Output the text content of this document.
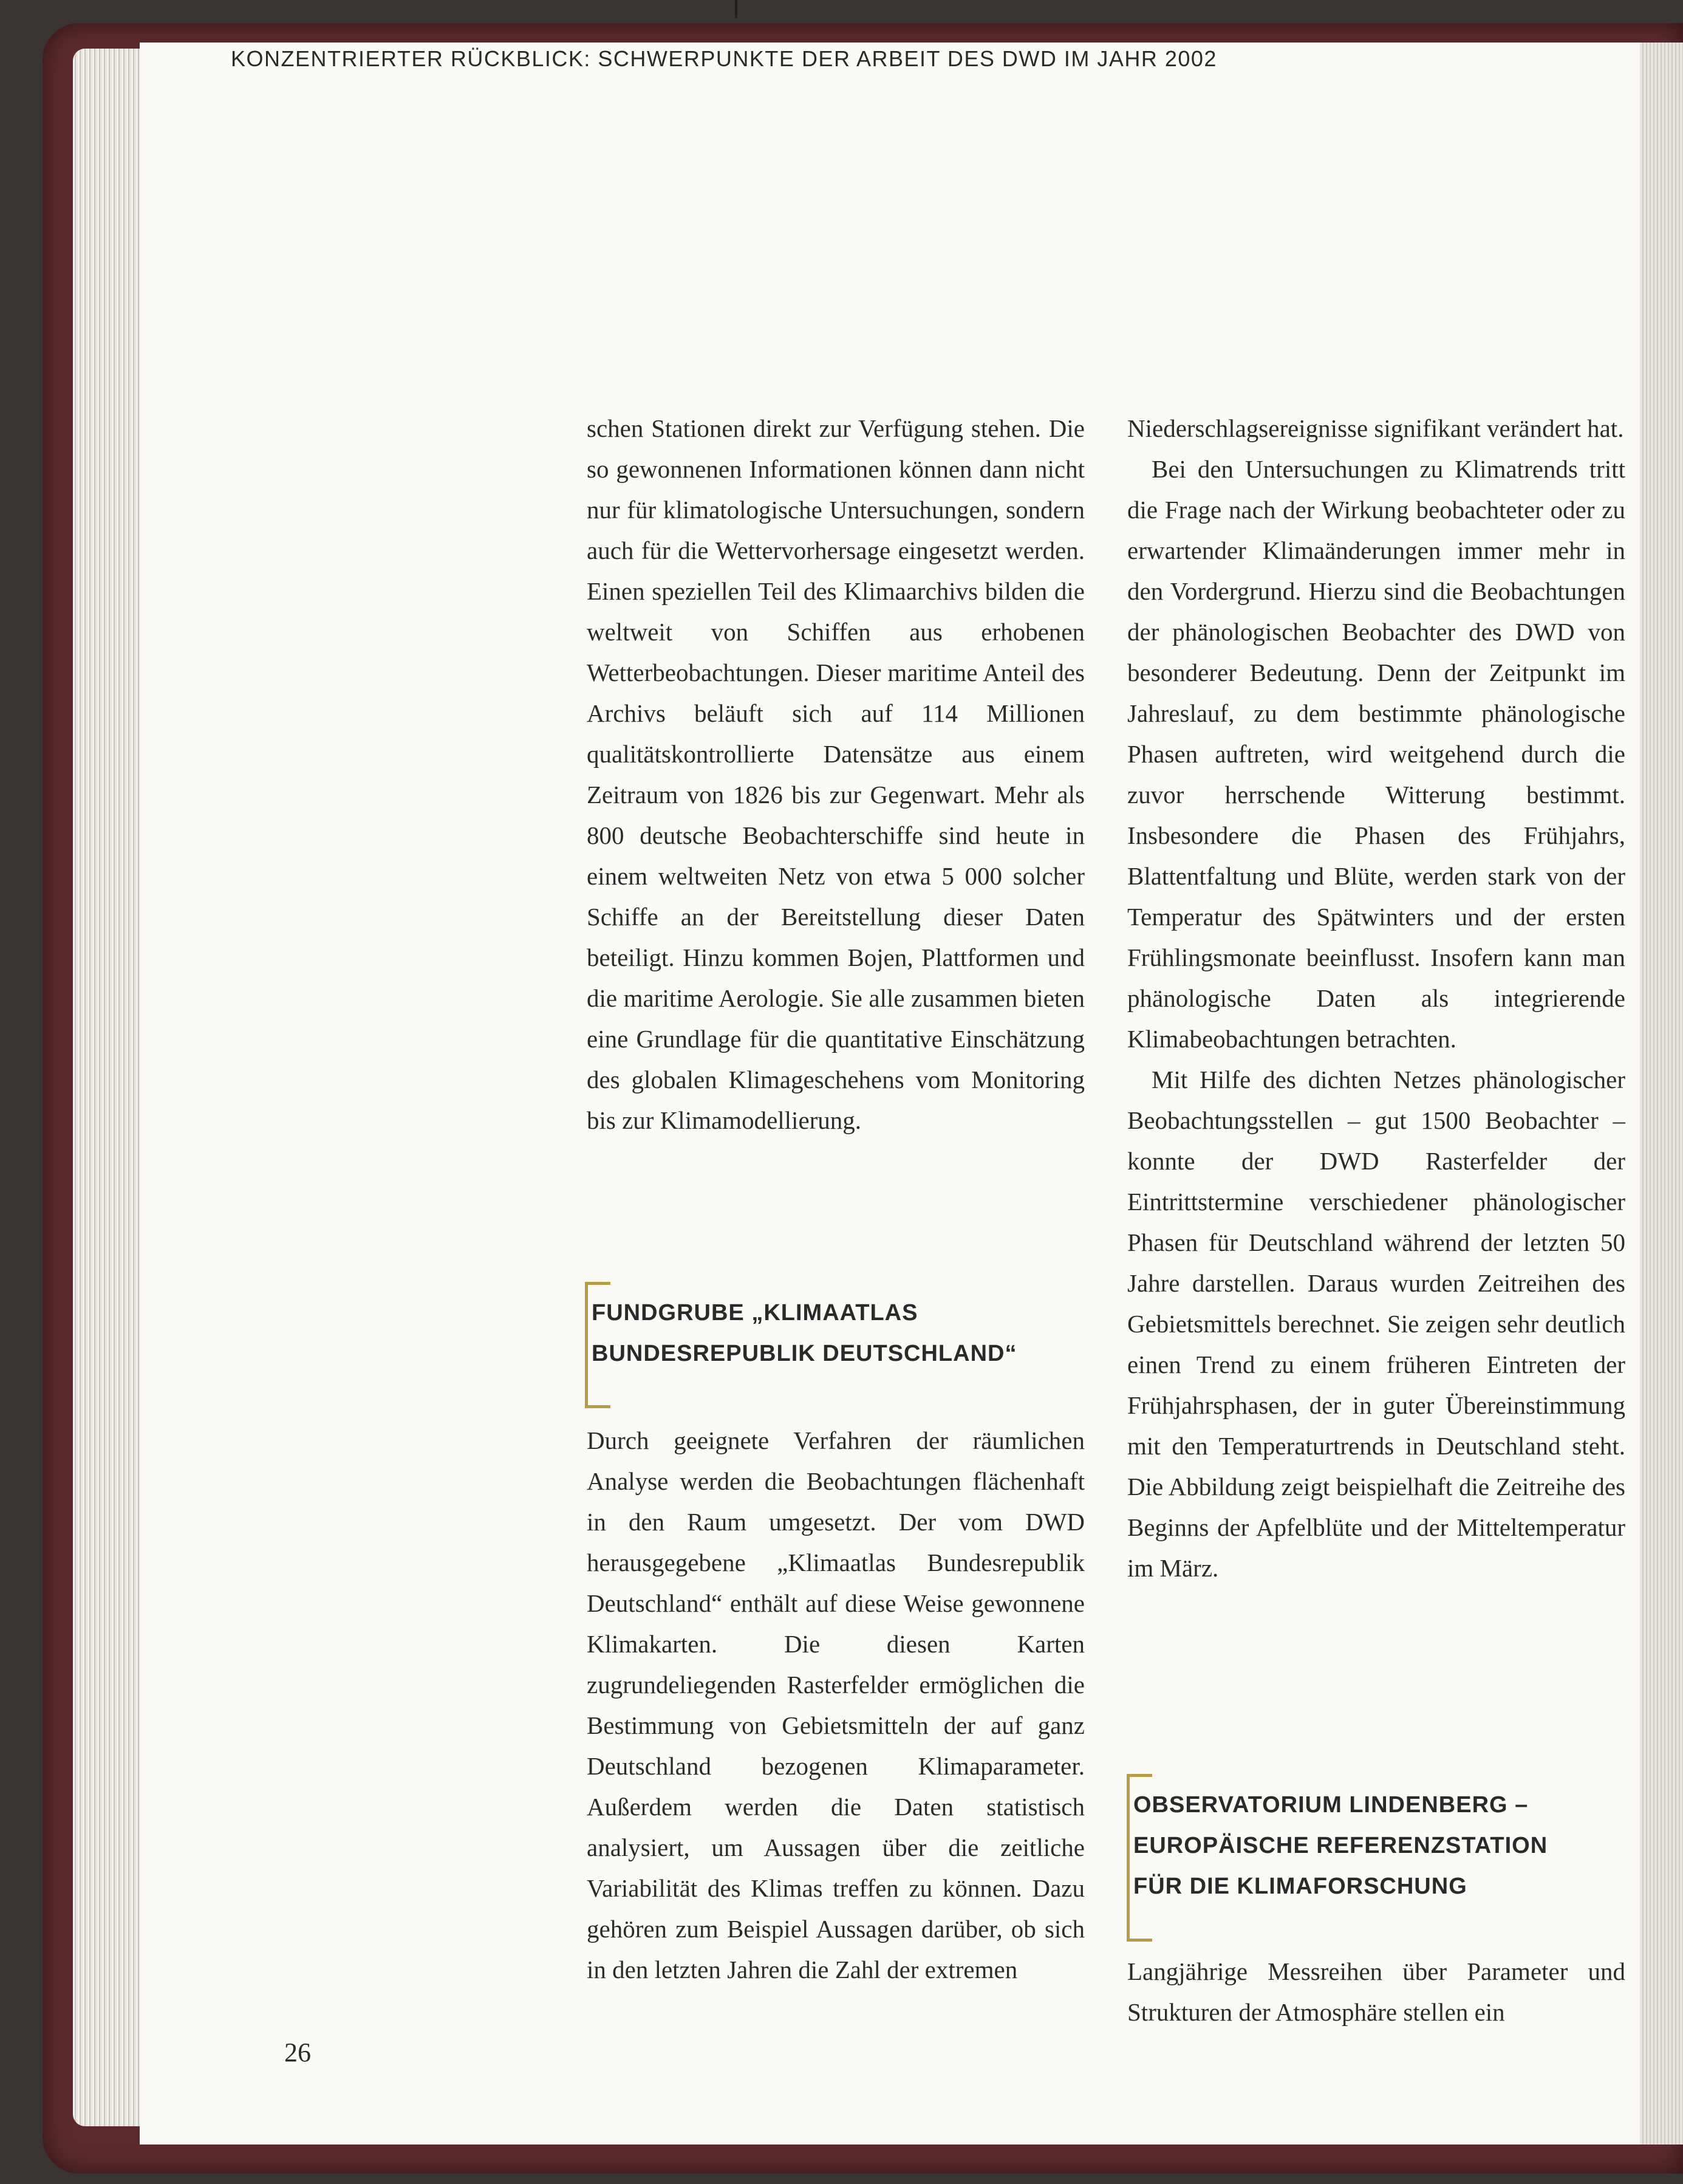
KONZENTRIERTER RÜCKBLICK: SCHWERPUNKTE DER ARBEIT DES DWD IM JAHR 2002

schen Stationen direkt zur Verfügung stehen. Die so gewonnenen Informationen können dann nicht nur für klimatologische Untersuchungen, sondern auch für die Wettervorhersage eingesetzt werden. Einen speziellen Teil des Klimaarchivs bilden die weltweit von Schiffen aus erhobenen Wetterbeobachtungen. Dieser maritime Anteil des Archivs beläuft sich auf 114 Millionen qualitätskontrollierte Datensätze aus einem Zeitraum von 1826 bis zur Gegenwart. Mehr als 800 deutsche Beobachterschiffe sind heute in einem weltweiten Netz von etwa 5 000 solcher Schiffe an der Bereitstellung dieser Daten beteiligt. Hinzu kommen Bojen, Plattformen und die maritime Aerologie. Sie alle zusammen bieten eine Grundlage für die quantitative Einschätzung des globalen Klimageschehens vom Monitoring bis zur Klimamodellierung.

FUNDGRUBE „KLIMAATLAS
BUNDESREPUBLIK DEUTSCHLAND“

Durch geeignete Verfahren der räumlichen Analyse werden die Beobachtungen flächenhaft in den Raum umgesetzt. Der vom DWD herausgegebene „Klimaatlas Bundesrepublik Deutschland“ enthält auf diese Weise gewonnene Klimakarten. Die diesen Karten zugrundeliegenden Rasterfelder ermöglichen die Bestimmung von Gebietsmitteln der auf ganz Deutschland bezogenen Klimaparameter. Außerdem werden die Daten statistisch analysiert, um Aussagen über die zeitliche Variabilität des Klimas treffen zu können. Dazu gehören zum Beispiel Aussagen darüber, ob sich in den letzten Jahren die Zahl der extremen

Niederschlagsereignisse signifikant verändert hat.

Bei den Untersuchungen zu Klimatrends tritt die Frage nach der Wirkung beobachteter oder zu erwartender Klimaänderungen immer mehr in den Vordergrund. Hierzu sind die Beobachtungen der phänologischen Beobachter des DWD von besonderer Bedeutung. Denn der Zeitpunkt im Jahreslauf, zu dem bestimmte phänologische Phasen auftreten, wird weitgehend durch die zuvor herrschende Witterung bestimmt. Insbesondere die Phasen des Frühjahrs, Blattentfaltung und Blüte, werden stark von der Temperatur des Spätwinters und der ersten Frühlingsmonate beeinflusst. Insofern kann man phänologische Daten als integrierende Klimabeobachtungen betrachten.

Mit Hilfe des dichten Netzes phänologischer Beobachtungsstellen – gut 1500 Beobachter – konnte der DWD Rasterfelder der Eintrittstermine verschiedener phänologischer Phasen für Deutschland während der letzten 50 Jahre darstellen. Daraus wurden Zeitreihen des Gebietsmittels berechnet. Sie zeigen sehr deutlich einen Trend zu einem früheren Eintreten der Frühjahrsphasen, der in guter Übereinstimmung mit den Temperaturtrends in Deutschland steht. Die Abbildung zeigt beispielhaft die Zeitreihe des Beginns der Apfelblüte und der Mitteltemperatur im März.

OBSERVATORIUM LINDENBERG –
EUROPÄISCHE REFERENZSTATION
FÜR DIE KLIMAFORSCHUNG

Langjährige Messreihen über Parameter und Strukturen der Atmosphäre stellen ein

26
